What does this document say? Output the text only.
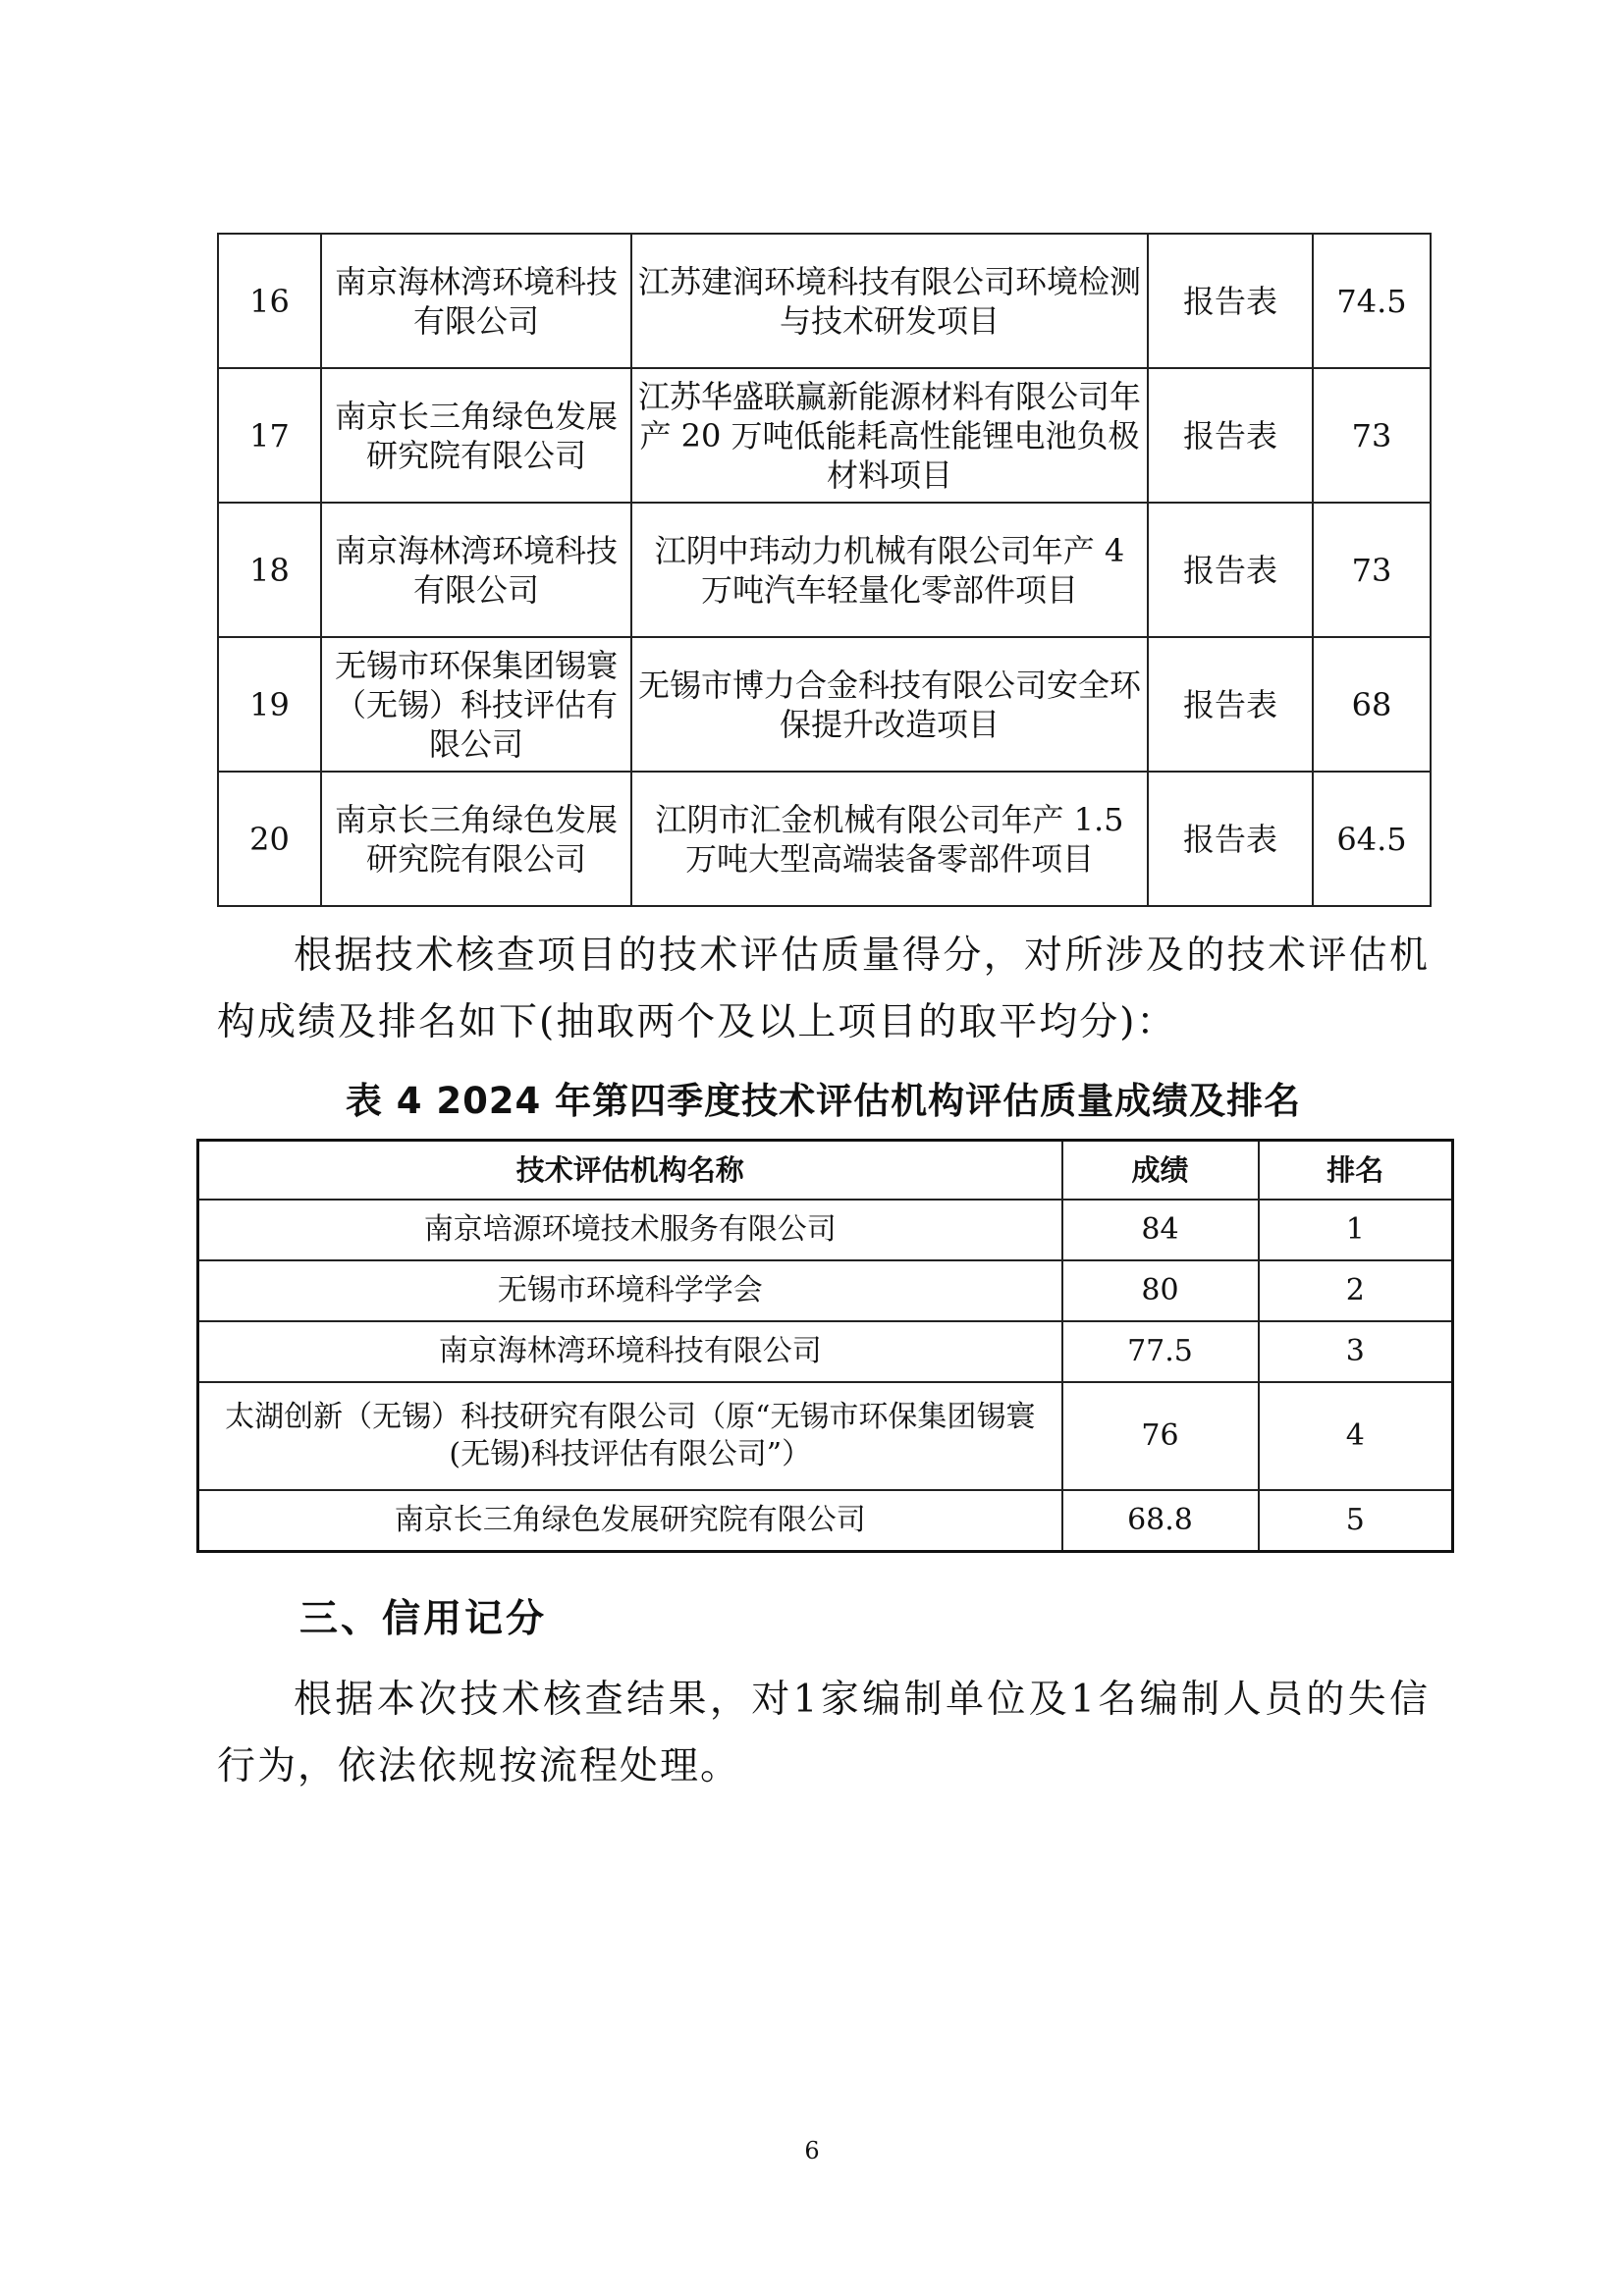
16	南京海林湾环境科技有限公司	江苏建润环境科技有限公司环境检测与技术研发项目	报告表	74.5
17	南京长三角绿色发展研究院有限公司	江苏华盛联赢新能源材料有限公司年产 20 万吨低能耗高性能锂电池负极材料项目	报告表	73
18	南京海林湾环境科技有限公司	江阴中玮动力机械有限公司年产 4 万吨汽车轻量化零部件项目	报告表	73
19	无锡市环保集团锡寰（无锡）科技评估有限公司	无锡市博力合金科技有限公司安全环保提升改造项目	报告表	68
20	南京长三角绿色发展研究院有限公司	江阴市汇金机械有限公司年产 1.5 万吨大型高端装备零部件项目	报告表	64.5

根据技术核查项目的技术评估质量得分，对所涉及的技术评估机构成绩及排名如下(抽取两个及以上项目的取平均分)：

表 4 2024 年第四季度技术评估机构评估质量成绩及排名

技术评估机构名称	成绩	排名
南京培源环境技术服务有限公司	84	1
无锡市环境科学学会	80	2
南京海林湾环境科技有限公司	77.5	3
太湖创新（无锡）科技研究有限公司（原“无锡市环保集团锡寰(无锡)科技评估有限公司”）	76	4
南京长三角绿色发展研究院有限公司	68.8	5

三、信用记分

根据本次技术核查结果，对1家编制单位及1名编制人员的失信行为，依法依规按流程处理。

6
